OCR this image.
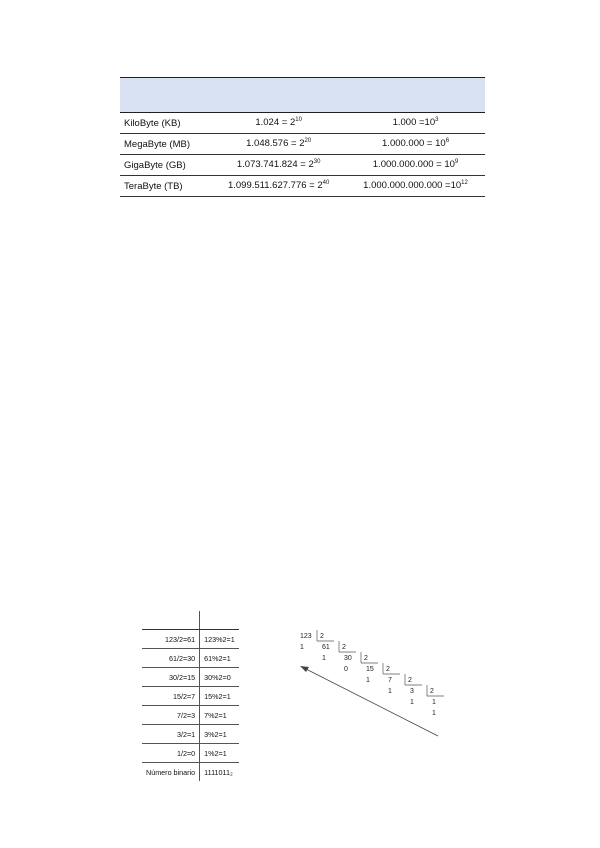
KiloByte (KB)	$1.024 = 2^{10}$	$1.000 =10^3$
MegaByte (MB)	$1.048.576 = 2^{20}$	$1.000.000 = 10^6$
GigaByte (GB)	$1.073.741.824 = 2^{30}$	$1.000.000.000 = 10^9$
TeraByte (TB)	$1.099.511.627.776 = 2^{40}$	$1.000.000.000.000 =10^{12}$

123/2=61	123%2=1
61/2=30	61%2=1
30/2=15	30%2=0
15/2=7	15%2=1
7/2=3	7%2=1
3/2=1	3%2=1
1/2=0	1%2=1
Número binario	1111011₂
123 2
1	61 2
1	30 2
0	15 2
1	7 2
1	3 2
1	1
1
